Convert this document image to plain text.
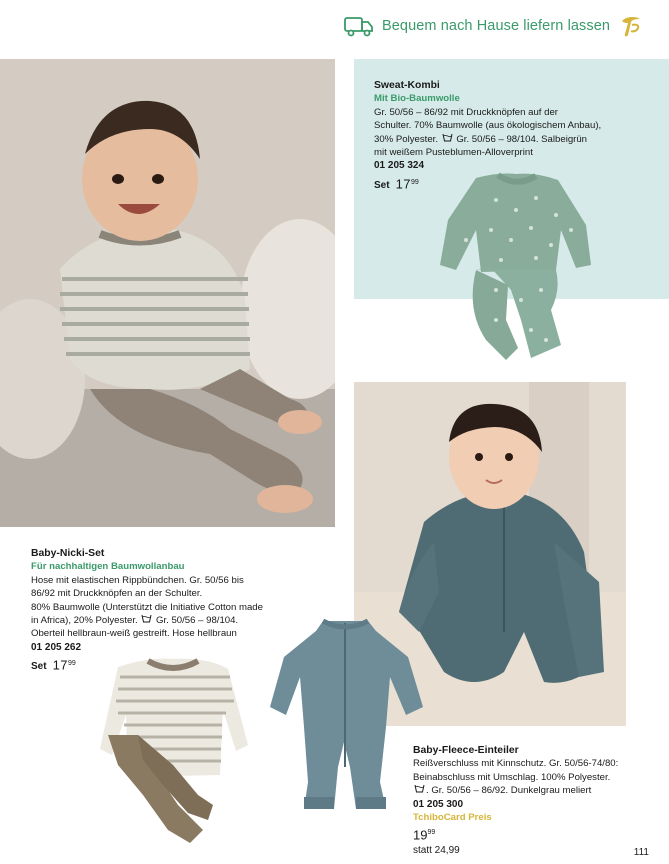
Bequem nach Hause liefern lassen
Sweat-Kombi
Mit Bio-Baumwolle
Gr. 50/56 – 86/92 mit Druckknöpfen auf der
Schulter. 70% Baumwolle (aus ökologischem Anbau),
30% Polyester. Gr. 50/56 – 98/104. Salbeigrün
mit weißem Pusteblumen-Alloverprint
01 205 324
Set $17^{99}$
Baby-Nicki-Set
Für nachhaltigen Baumwollanbau
Hose mit elastischen Rippbündchen. Gr. 50/56 bis
86/92 mit Druckknöpfen an der Schulter.
80% Baumwolle (Unterstützt die Initiative Cotton made
in Africa), 20% Polyester. Gr. 50/56 – 98/104.
Oberteil hellbraun-weiß gestreift. Hose hellbraun
01 205 262
Set $17^{99}$
Baby-Fleece-Einteiler
Reißverschluss mit Kinnschutz. Gr. 50/56-74/80:
Beinabschluss mit Umschlag. 100% Polyester.
. Gr. 50/56 – 86/92. Dunkelgrau meliert
01 205 300
TchiboCard Preis
$19^{99}$
statt 24,99	111
